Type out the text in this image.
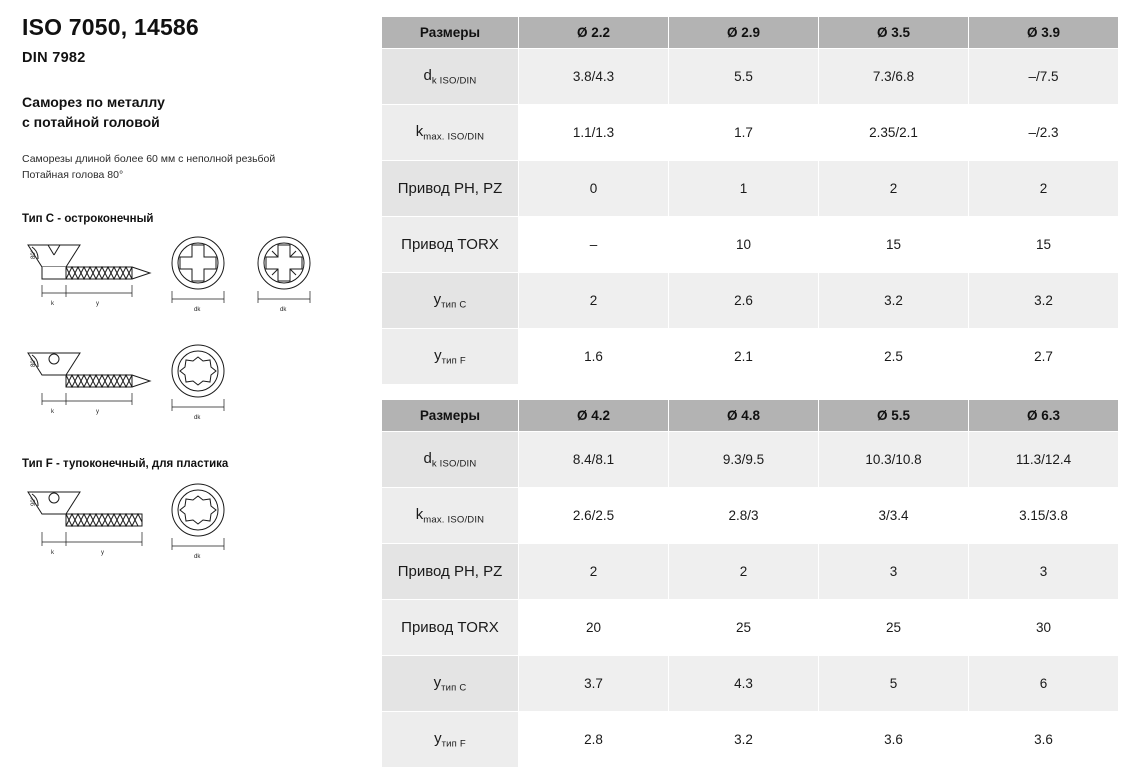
ISO 7050, 14586
DIN 7982
Саморез по металлу
с потайной головой
Саморезы длиной более 60 мм с неполной резьбой
Потайная голова 80°
Тип C - остроконечный
80°
k	y
dk	dk
80°
k	y
dk
Тип F - тупоконечный, для пластика
90°
k	y
dk
Размеры	Ø 2.2	Ø 2.9	Ø 3.5	Ø 3.9
$d_{k ISO/DIN}$	3.8/4.3	5.5	7.3/6.8	–/7.5
$k_{max. ISO/DIN}$	1.1/1.3	1.7	2.35/2.1	–/2.3
Привод PH, PZ	0	1	2	2
Привод TORX	–	10	15	15
$y_{тип C}$	2	2.6	3.2	3.2
$y_{тип F}$	1.6	2.1	2.5	2.7
Размеры	Ø 4.2	Ø 4.8	Ø 5.5	Ø 6.3
$d_{k ISO/DIN}$	8.4/8.1	9.3/9.5	10.3/10.8	11.3/12.4
$k_{max. ISO/DIN}$	2.6/2.5	2.8/3	3/3.4	3.15/3.8
Привод PH, PZ	2	2	3	3
Привод TORX	20	25	25	30
$y_{тип C}$	3.7	4.3	5	6
$y_{тип F}$	2.8	3.2	3.6	3.6
